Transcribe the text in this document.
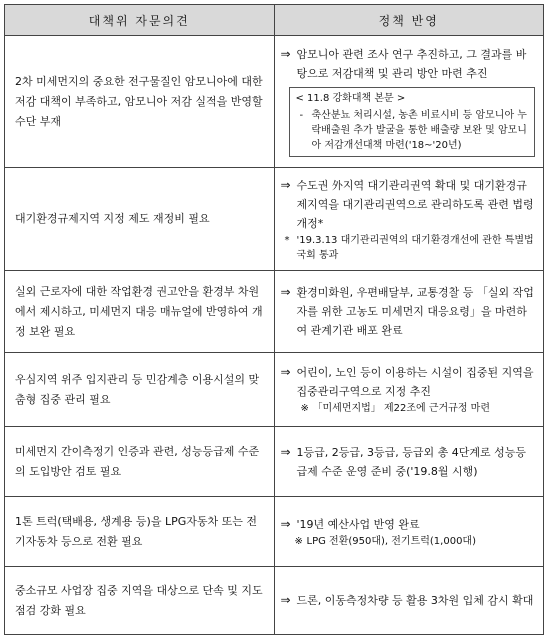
대책위 자문의견	정책 반영
2차 미세먼지의 중요한 전구물질인 암모니아에 대한 저감 대책이 부족하고, 암모니아 저감 실적을 반영할 수단 부재	⇒ 암모니아 관련 조사 연구 추진하고, 그 결과를 바탕으로 저감대책 및 관리 방안 마련 추진
< 11.8 강화대책 본문 >
- 축산분뇨 처리시설, 농촌 비료시비 등 암모니아 누락배출원 추가 발굴을 통한 배출량 보완 및 암모니아 저감개선대책 마련('18~'20년)

대기환경규제지역 지정 제도 재정비 필요	⇒ 수도권 外지역 대기관리권역 확대 및 대기환경규제지역을 대기관리권역으로 관리하도록 관련 법령 개정*
* '19.3.13 대기관리권역의 대기환경개선에 관한 특별법 국회 통과

실외 근로자에 대한 작업환경 권고안을 환경부 차원에서 제시하고, 미세먼지 대응 매뉴얼에 반영하여 개정 보완 필요	⇒ 환경미화원, 우편배달부, 교통경찰 등 「실외 작업자를 위한 고농도 미세먼지 대응요령」을 마련하여 관계기관 배포 완료

우심지역 위주 입지관리 등 민감계층 이용시설의 맞춤형 집중 관리 필요	⇒ 어린이, 노인 등이 이용하는 시설이 집중된 지역을 집중관리구역으로 지정 추진
※ 「미세먼지법」 제22조에 근거규정 마련

미세먼지 간이측정기 인증과 관련, 성능등급제 수준의 도입방안 검토 필요	⇒ 1등급, 2등급, 3등급, 등급외 총 4단계로 성능등급제 수준 운영 준비 중('19.8월 시행)

1톤 트럭(택배용, 생계용 등)을 LPG자동차 또는 전기자동차 등으로 전환 필요	⇒ '19년 예산사업 반영 완료
※ LPG 전환(950대), 전기트럭(1,000대)

중소규모 사업장 집중 지역을 대상으로 단속 및 지도 점검 강화 필요	⇒ 드론, 이동측정차량 등 활용 3차원 입체 감시 확대
